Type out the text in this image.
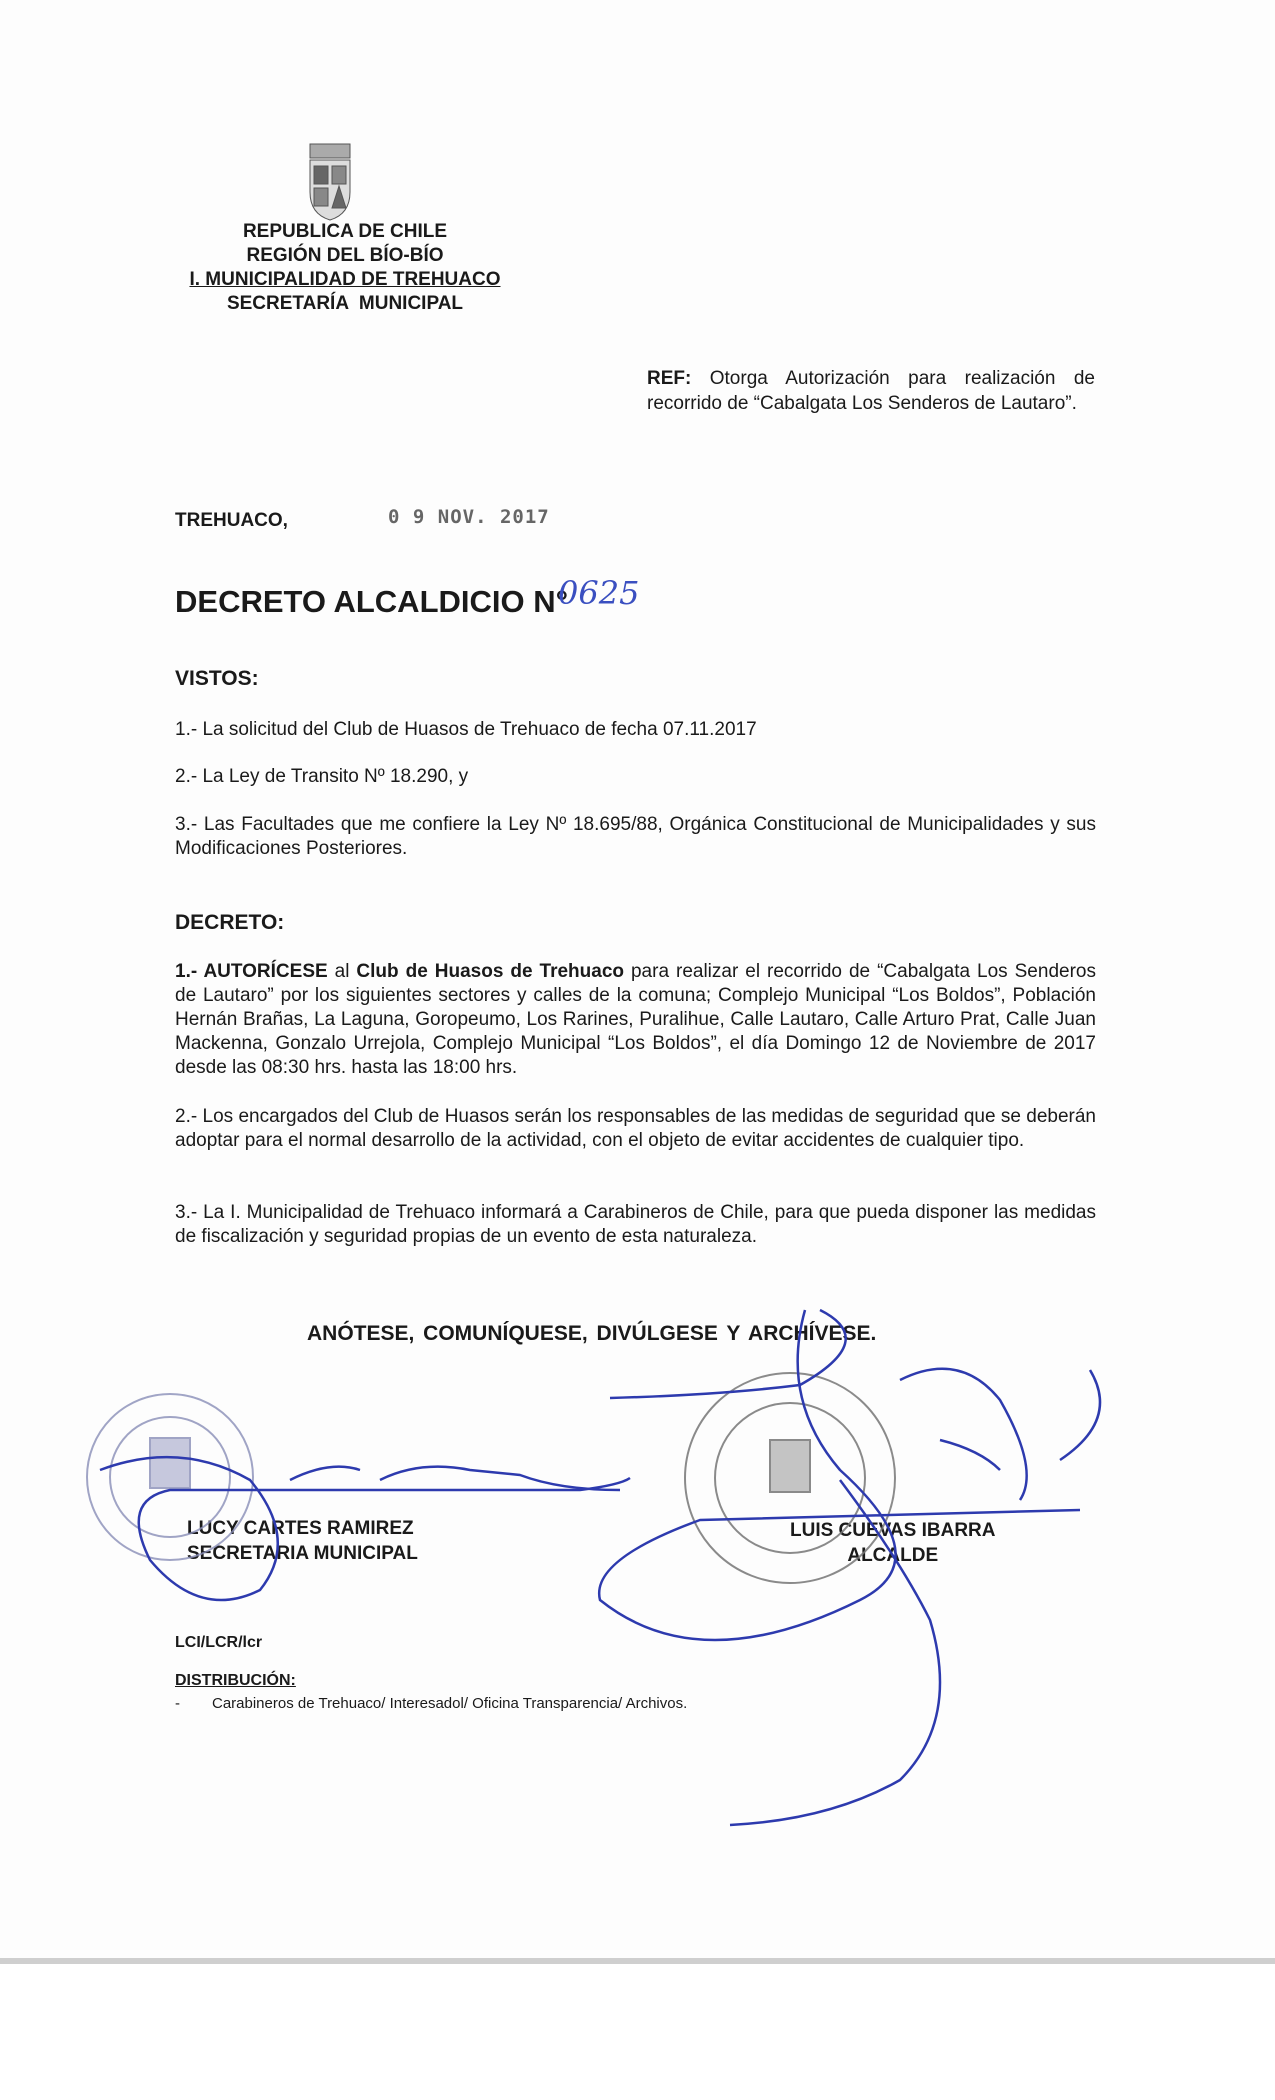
REPUBLICA DE CHILE
REGIÓN DEL BÍO-BÍO
I. MUNICIPALIDAD DE TREHUACO
SECRETARÍA  MUNICIPAL
REF: Otorga Autorización para realización de recorrido de “Cabalgata Los Senderos de Lautaro”.
TREHUACO,	0 9 NOV. 2017
DECRETO ALCALDICIO N°
0625
VISTOS:
1.- La solicitud del Club de Huasos de Trehuaco de fecha 07.11.2017
2.- La Ley de Transito Nº 18.290, y
3.- Las Facultades que me confiere la Ley Nº 18.695/88, Orgánica Constitucional de Municipalidades y sus Modificaciones Posteriores.
DECRETO:
1.- AUTORÍCESE al Club de Huasos de Trehuaco para realizar el recorrido de “Cabalgata Los Senderos de Lautaro” por los siguientes sectores y calles de la comuna; Complejo Municipal “Los Boldos”, Población Hernán Brañas, La Laguna, Goropeumo, Los Rarines, Puralihue, Calle Lautaro, Calle Arturo Prat, Calle Juan Mackenna, Gonzalo Urrejola, Complejo Municipal “Los Boldos”, el día Domingo 12 de Noviembre de 2017 desde las 08:30 hrs. hasta las 18:00 hrs.
2.- Los encargados del Club de Huasos serán los responsables de las medidas de seguridad que se deberán adoptar para el normal desarrollo de la actividad, con el objeto de evitar accidentes de cualquier tipo.
3.- La I. Municipalidad de Trehuaco informará a Carabineros de Chile, para que pueda disponer las medidas de fiscalización y seguridad propias de un evento de esta naturaleza.
ANÓTESE, COMUNÍQUESE, DIVÚLGESE Y ARCHÍVESE.
LUCY CARTES RAMIREZ
SECRETARIA MUNICIPAL
LUIS CUEVAS IBARRA
ALCALDE
LCI/LCR/lcr
DISTRIBUCIÓN:
- Carabineros de Trehuaco/ Interesadol/ Oficina Transparencia/ Archivos.
